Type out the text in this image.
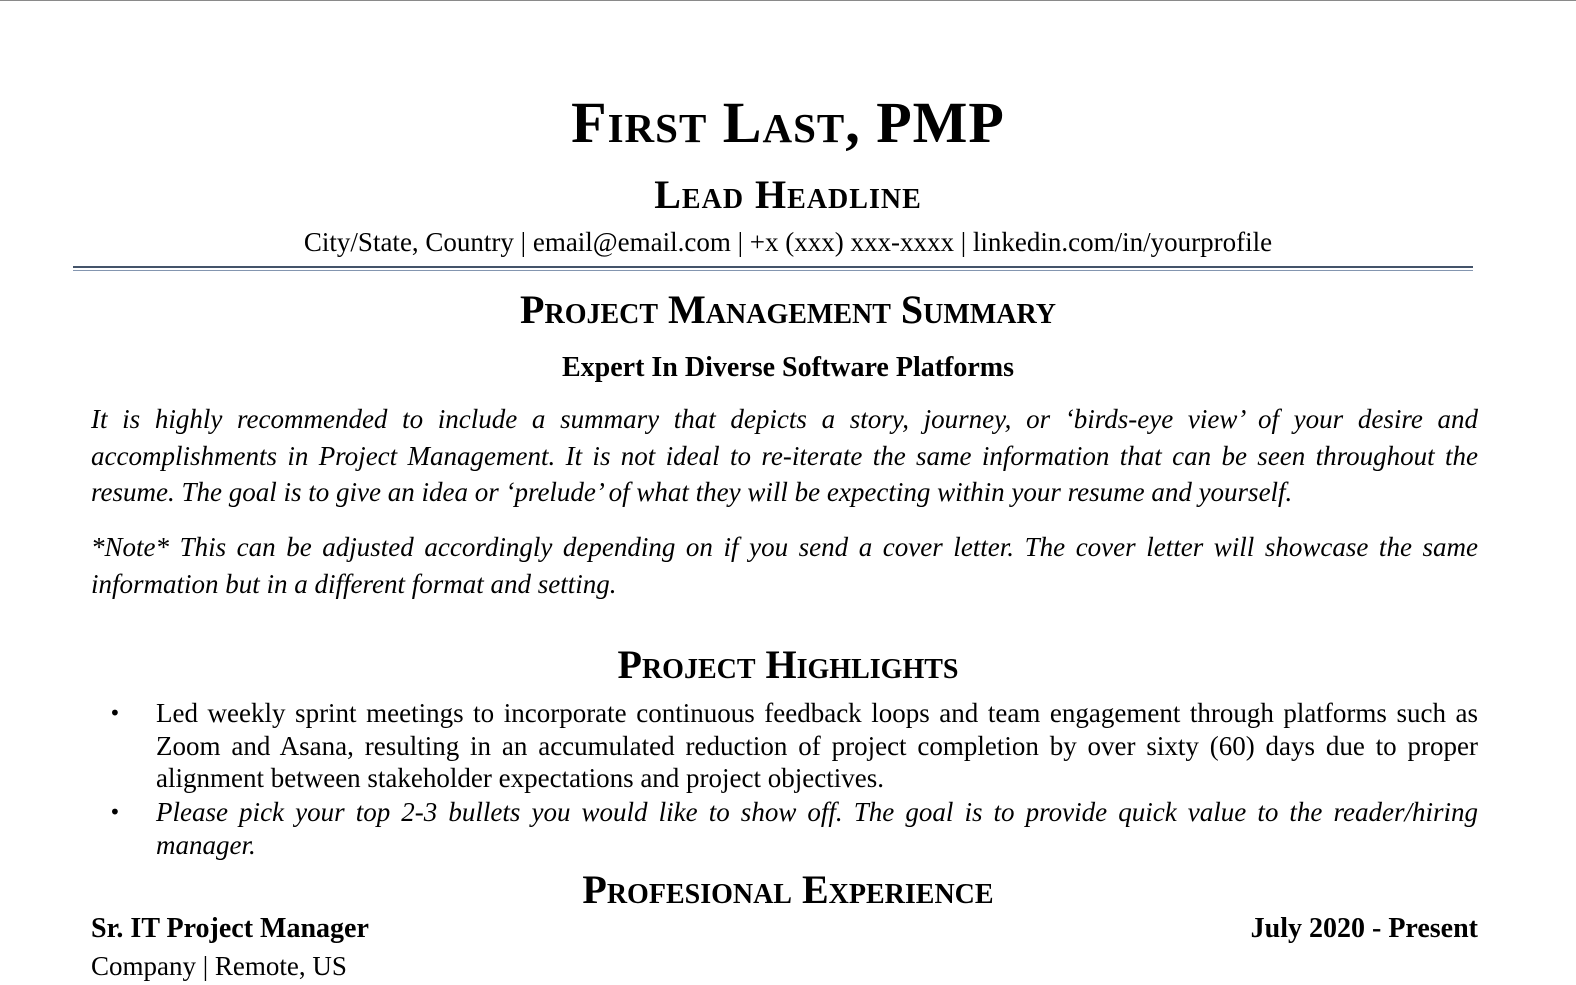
First Last, PMP
Lead Headline
City/State, Country | email@email.com | +x (xxx) xxx-xxxx | linkedin.com/in/yourprofile
Project Management Summary
Expert In Diverse Software Platforms

It is highly recommended to include a summary that depicts a story, journey, or ‘birds-eye view’ of your desire and accomplishments in Project Management. It is not ideal to re-iterate the same information that can be seen throughout the resume. The goal is to give an idea or ‘prelude’ of what they will be expecting within your resume and yourself.

*Note* This can be adjusted accordingly depending on if you send a cover letter. The cover letter will showcase the same information but in a different format and setting.

Project Highlights
• Led weekly sprint meetings to incorporate continuous feedback loops and team engagement through platforms such as Zoom and Asana, resulting in an accumulated reduction of project completion by over sixty (60) days due to proper alignment between stakeholder expectations and project objectives.
• Please pick your top 2-3 bullets you would like to show off. The goal is to provide quick value to the reader/hiring manager.
Profesional Experience
Sr. IT Project Manager	July 2020 - Present
Company | Remote, US
